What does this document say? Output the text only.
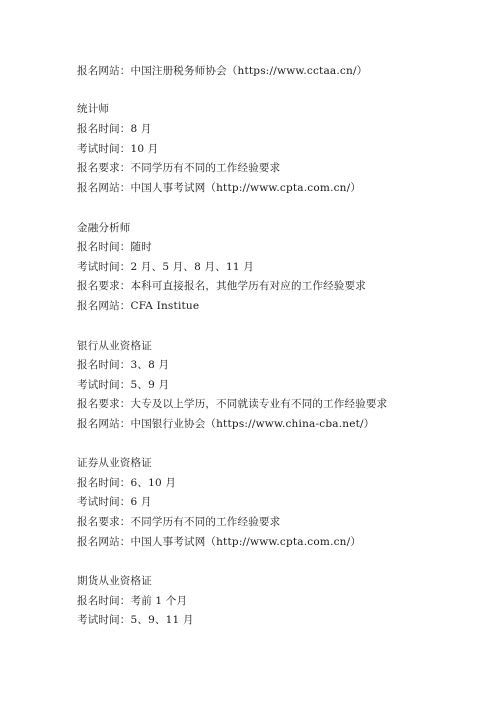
报名网站：中国注册税务师协会（https://www.cctaa.cn/）
统计师
报名时间：8 月
考试时间：10 月
报名要求：不同学历有不同的工作经验要求
报名网站：中国人事考试网（http://www.cpta.com.cn/）
金融分析师
报名时间：随时
考试时间：2 月、5 月、8 月、11 月
报名要求：本科可直接报名，其他学历有对应的工作经验要求
报名网站：CFA Institue
银行从业资格证
报名时间：3、8 月
考试时间：5、9 月
报名要求：大专及以上学历，不同就读专业有不同的工作经验要求
报名网站：中国银行业协会（https://www.china-cba.net/）
证券从业资格证
报名时间：6、10 月
考试时间：6 月
报名要求：不同学历有不同的工作经验要求
报名网站：中国人事考试网（http://www.cpta.com.cn/）
期货从业资格证
报名时间：考前 1 个月
考试时间：5、9、11 月
